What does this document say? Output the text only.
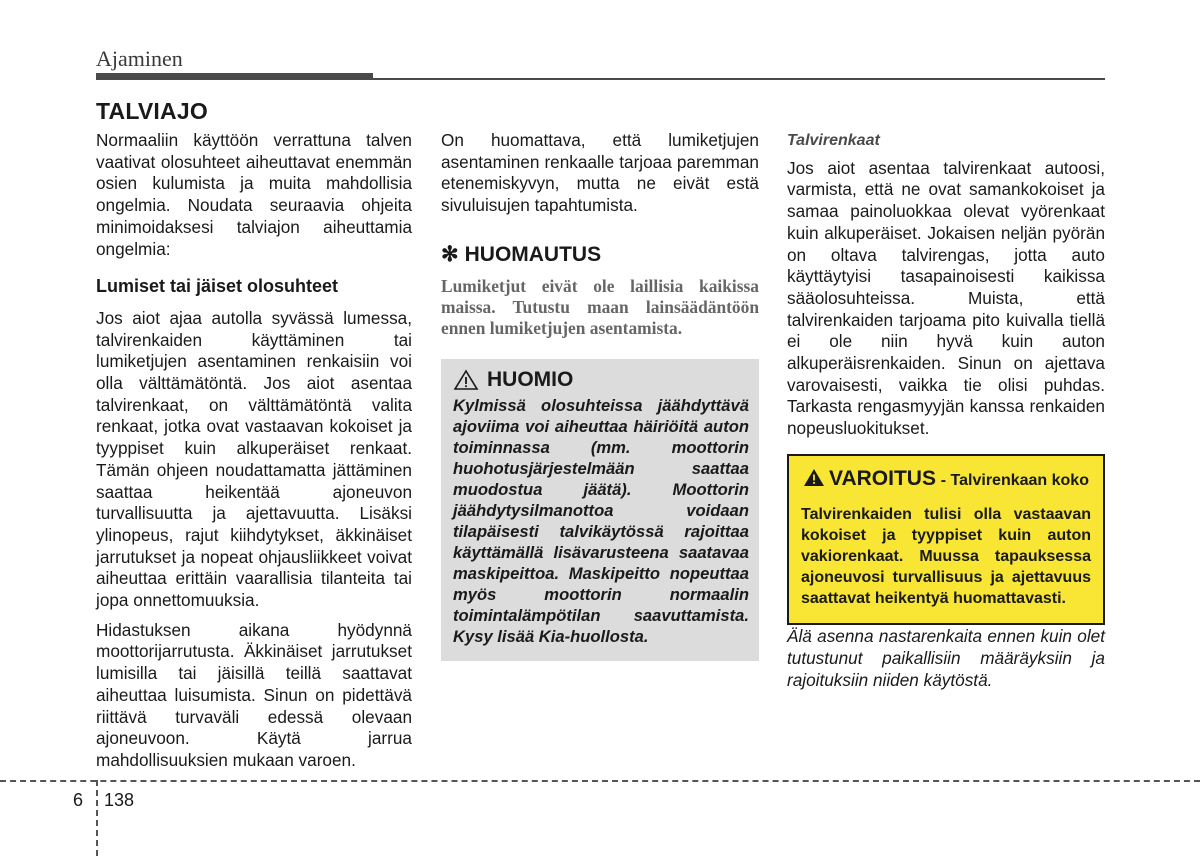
Ajaminen
TALVIAJO

Normaaliin käyttöön verrattuna talven vaativat olosuhteet aiheuttavat enemmän osien kulumista ja muita mahdollisia ongelmia. Noudata seuraavia ohjeita minimoidaksesi talviajon aiheuttamia ongelmia:

Lumiset tai jäiset olosuhteet

Jos aiot ajaa autolla syvässä lumessa, talvirenkaiden käyttäminen tai lumiketjujen asentaminen renkaisiin voi olla välttämätöntä. Jos aiot asentaa talvirenkaat, on välttämätöntä valita renkaat, jotka ovat vastaavan kokoiset ja tyyppiset kuin alkuperäiset renkaat. Tämän ohjeen noudattamatta jättäminen saattaa heikentää ajoneuvon turvallisuutta ja ajettavuutta. Lisäksi ylinopeus, rajut kiihdytykset, äkkinäiset jarrutukset ja nopeat ohjausliikkeet voivat aiheuttaa erittäin vaarallisia tilanteita tai jopa onnettomuuksia.

Hidastuksen aikana hyödynnä moottorijarrutusta. Äkkinäiset jarrutukset lumisilla tai jäisillä teillä saattavat aiheuttaa luisumista. Sinun on pidettävä riittävä turvaväli edessä olevaan ajoneuvoon. Käytä jarrua mahdollisuuksien mukaan varoen.

On huomattava, että lumiketjujen asentaminen renkaalle tarjoaa paremman etenemiskyvyn, mutta ne eivät estä sivuluisujen tapahtumista.

✻ HUOMAUTUS
Lumiketjut eivät ole laillisia kaikissa maissa. Tutustu maan lainsäädäntöön ennen lumiketjujen asentamista.
HUOMIO
Kylmissä olosuhteissa jäähdyttävä ajoviima voi aiheuttaa häiriöitä auton toiminnassa (mm. moottorin huohotusjärjestelmään saattaa muodostua jäätä). Moottorin jäähdytysilmanottoa voidaan tilapäisesti talvikäytössä rajoittaa käyttämällä lisävarusteena saatavaa maskipeittoa. Maskipeitto nopeuttaa myös moottorin normaalin toimintalämpötilan saavuttamista. Kysy lisää Kia-huollosta.
Talvirenkaat

Jos aiot asentaa talvirenkaat autoosi, varmista, että ne ovat samankokoiset ja samaa painoluokkaa olevat vyörenkaat kuin alkuperäiset. Jokaisen neljän pyörän on oltava talvirengas, jotta auto käyttäytyisi tasapainoisesti kaikissa sääolosuhteissa. Muista, että talvirenkaiden tarjoama pito kuivalla tiellä ei ole niin hyvä kuin auton alkuperäisrenkaiden. Sinun on ajettava varovaisesti, vaikka tie olisi puhdas. Tarkasta rengasmyyjän kanssa renkaiden nopeusluokitukset.

VAROITUS - Talvirenkaan koko
Talvirenkaiden tulisi olla vastaavan kokoiset ja tyyppiset kuin auton vakiorenkaat. Muussa tapauksessa ajoneuvosi turvallisuus ja ajettavuus saattavat heikentyä huomattavasti.

Älä asenna nastarenkaita ennen kuin olet tutustunut paikallisiin määräyksiin ja rajoituksiin niiden käytöstä.

6 138
